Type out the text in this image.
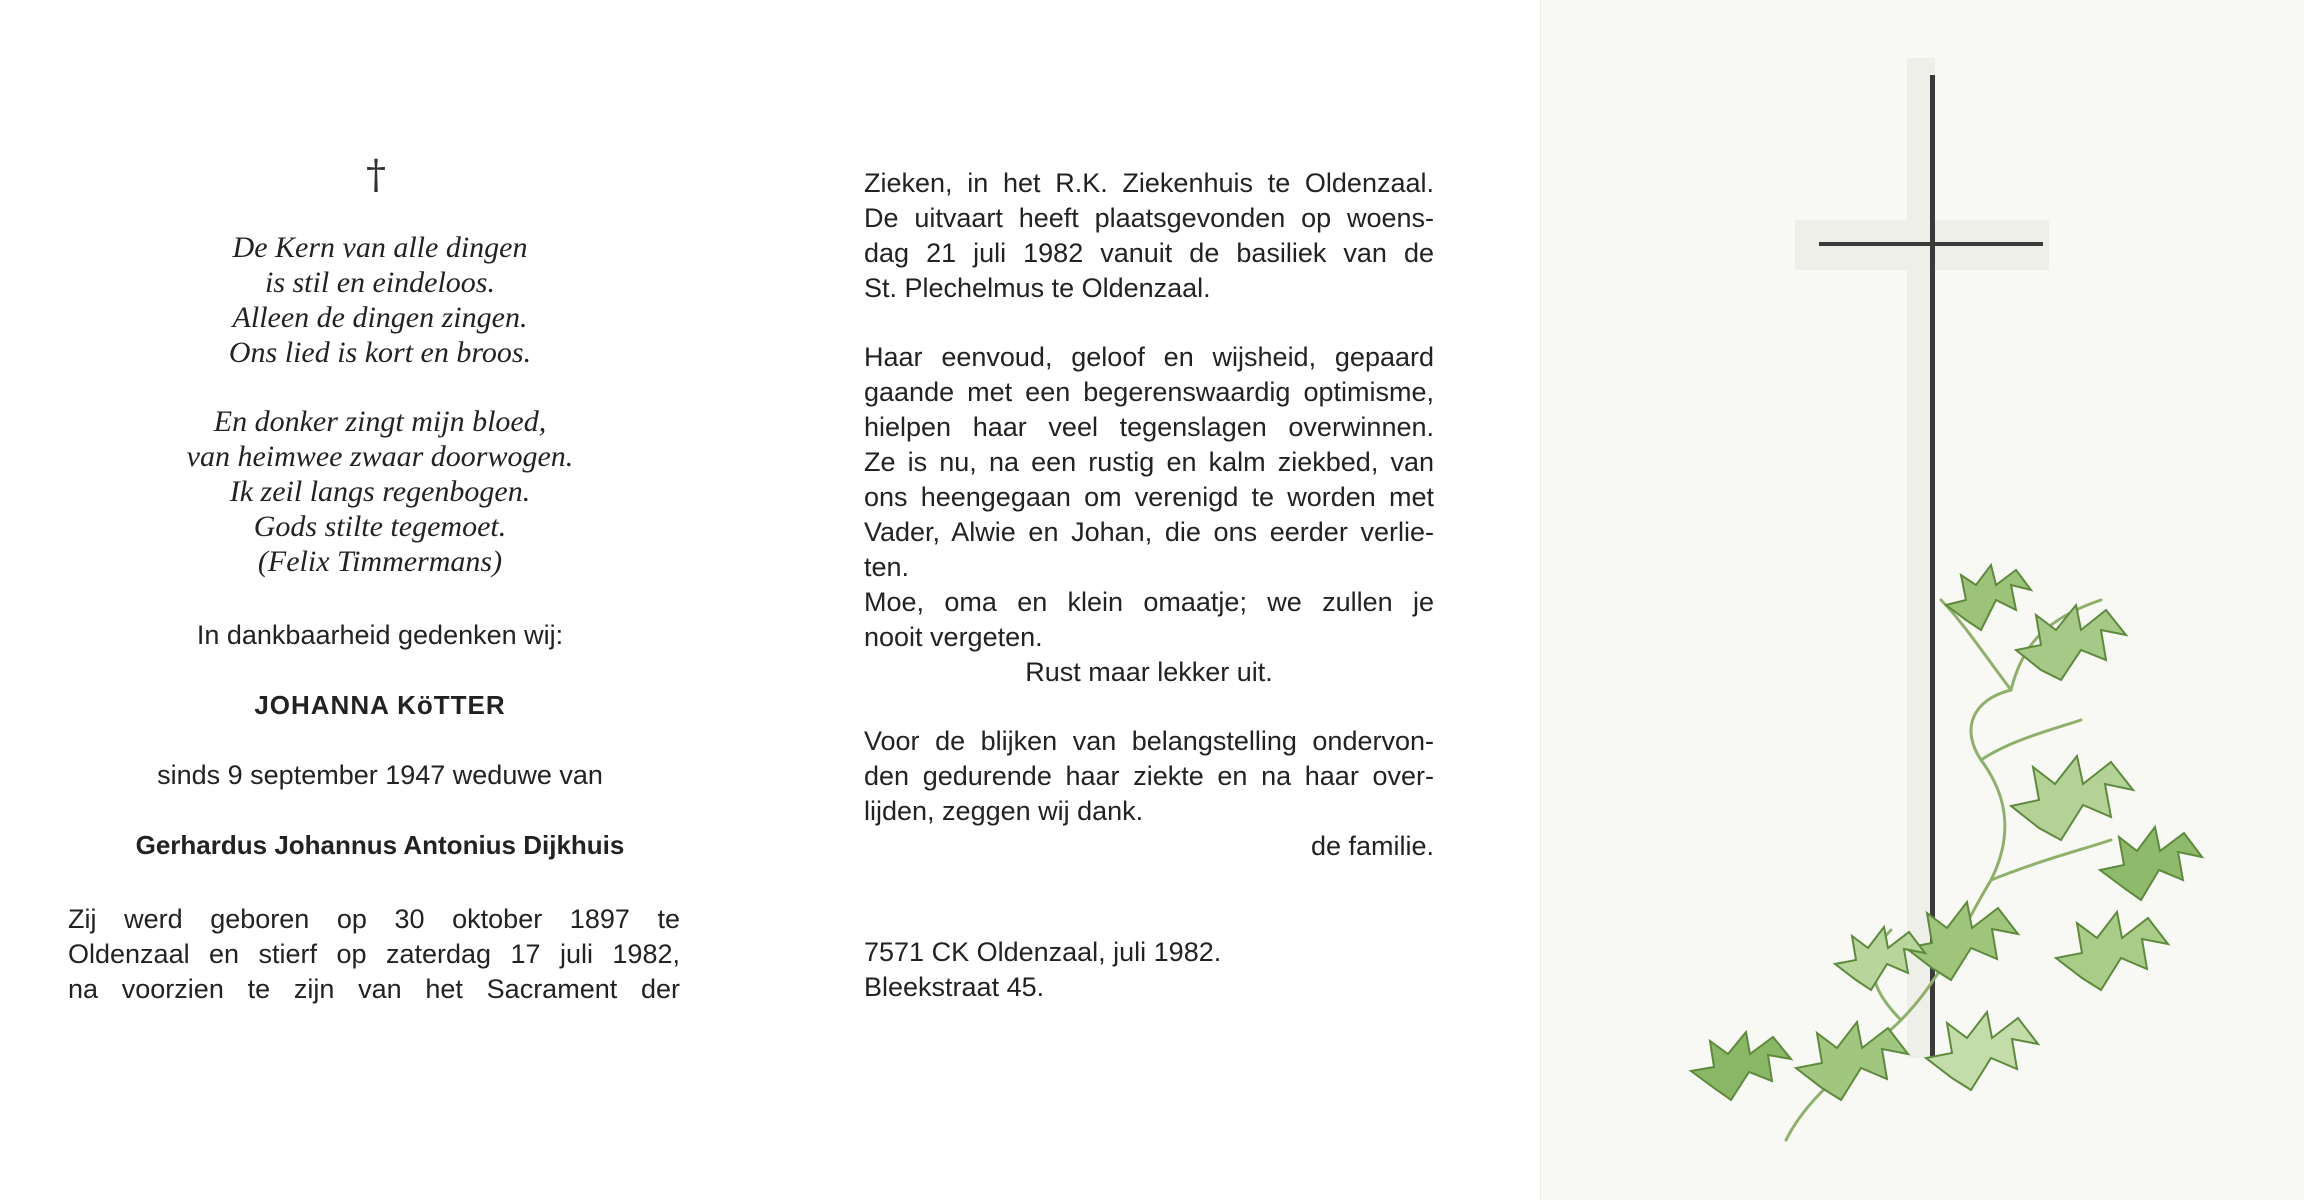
†
De Kern van alle dingen
is stil en eindeloos.
Alleen de dingen zingen.
Ons lied is kort en broos.
En donker zingt mijn bloed,
van heimwee zwaar doorwogen.
Ik zeil langs regenbogen.
Gods stilte tegemoet.
(Felix Timmermans)
In dankbaarheid gedenken wij:
JOHANNA KöTTER
sinds 9 september 1947 weduwe van
Gerhardus Johannus Antonius Dijkhuis
Zij werd geboren op 30 oktober 1897 te
Oldenzaal en stierf op zaterdag 17 juli 1982,
na voorzien te zijn van het Sacrament der
Zieken, in het R.K. Ziekenhuis te Oldenzaal.
De uitvaart heeft plaatsgevonden op woens-
dag 21 juli 1982 vanuit de basiliek van de
St. Plechelmus te Oldenzaal.
Haar eenvoud, geloof en wijsheid, gepaard
gaande met een begerenswaardig optimisme,
hielpen haar veel tegenslagen overwinnen.
Ze is nu, na een rustig en kalm ziekbed, van
ons heengegaan om verenigd te worden met
Vader, Alwie en Johan, die ons eerder verlie-
ten.
Moe, oma en klein omaatje; we zullen je
nooit vergeten.
Rust maar lekker uit.
Voor de blijken van belangstelling ondervon-
den gedurende haar ziekte en na haar over-
lijden, zeggen wij dank.
de familie.
7571 CK Oldenzaal, juli 1982.
Bleekstraat 45.
